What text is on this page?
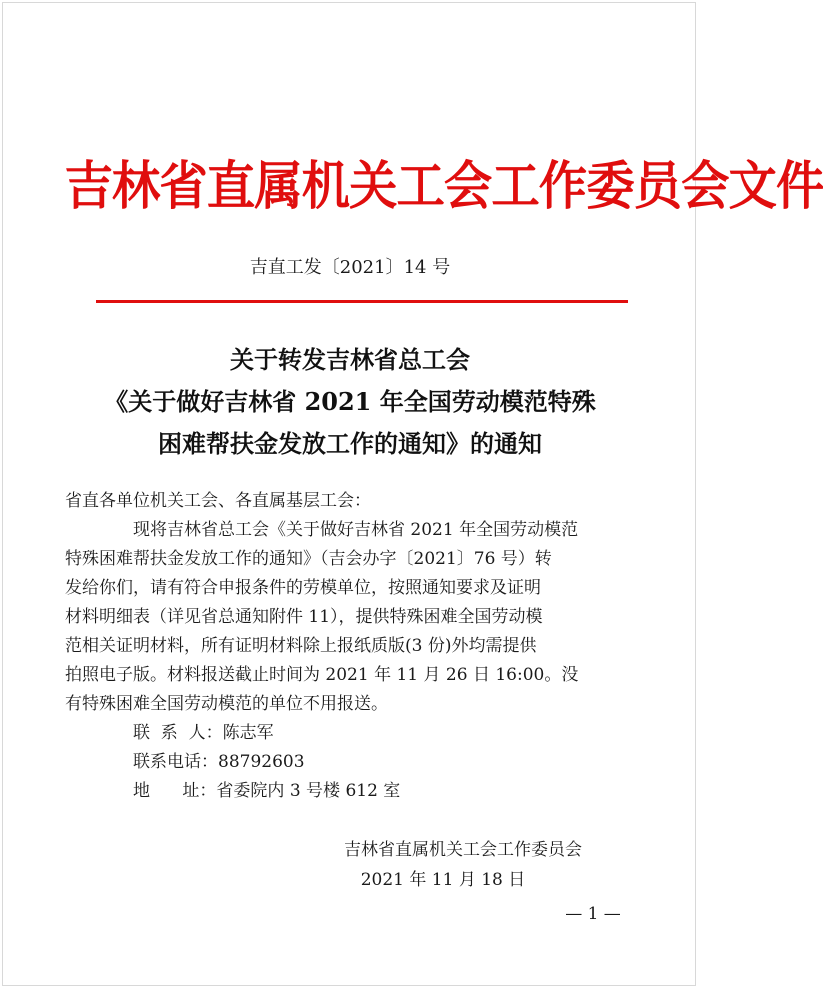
吉林省直属机关工会工作委员会文件
吉直工发〔2021〕14 号
关于转发吉林省总工会
《关于做好吉林省 2021 年全国劳动模范特殊
困难帮扶金发放工作的通知》的通知
省直各单位机关工会、各直属基层工会：
现将吉林省总工会《关于做好吉林省 2021 年全国劳动模范
特殊困难帮扶金发放工作的通知》（吉会办字〔2021〕76 号）转
发给你们，请有符合申报条件的劳模单位，按照通知要求及证明
材料明细表（详见省总通知附件 11），提供特殊困难全国劳动模
范相关证明材料，所有证明材料除上报纸质版(3 份)外均需提供
拍照电子版。材料报送截止时间为 2021 年 11 月 26 日 16:00。没
有特殊困难全国劳动模范的单位不用报送。
联  系  人：陈志军
联系电话：88792603
地      址：省委院内 3 号楼 612 室
吉林省直属机关工会工作委员会
2021 年 11 月 18 日
— 1 —
